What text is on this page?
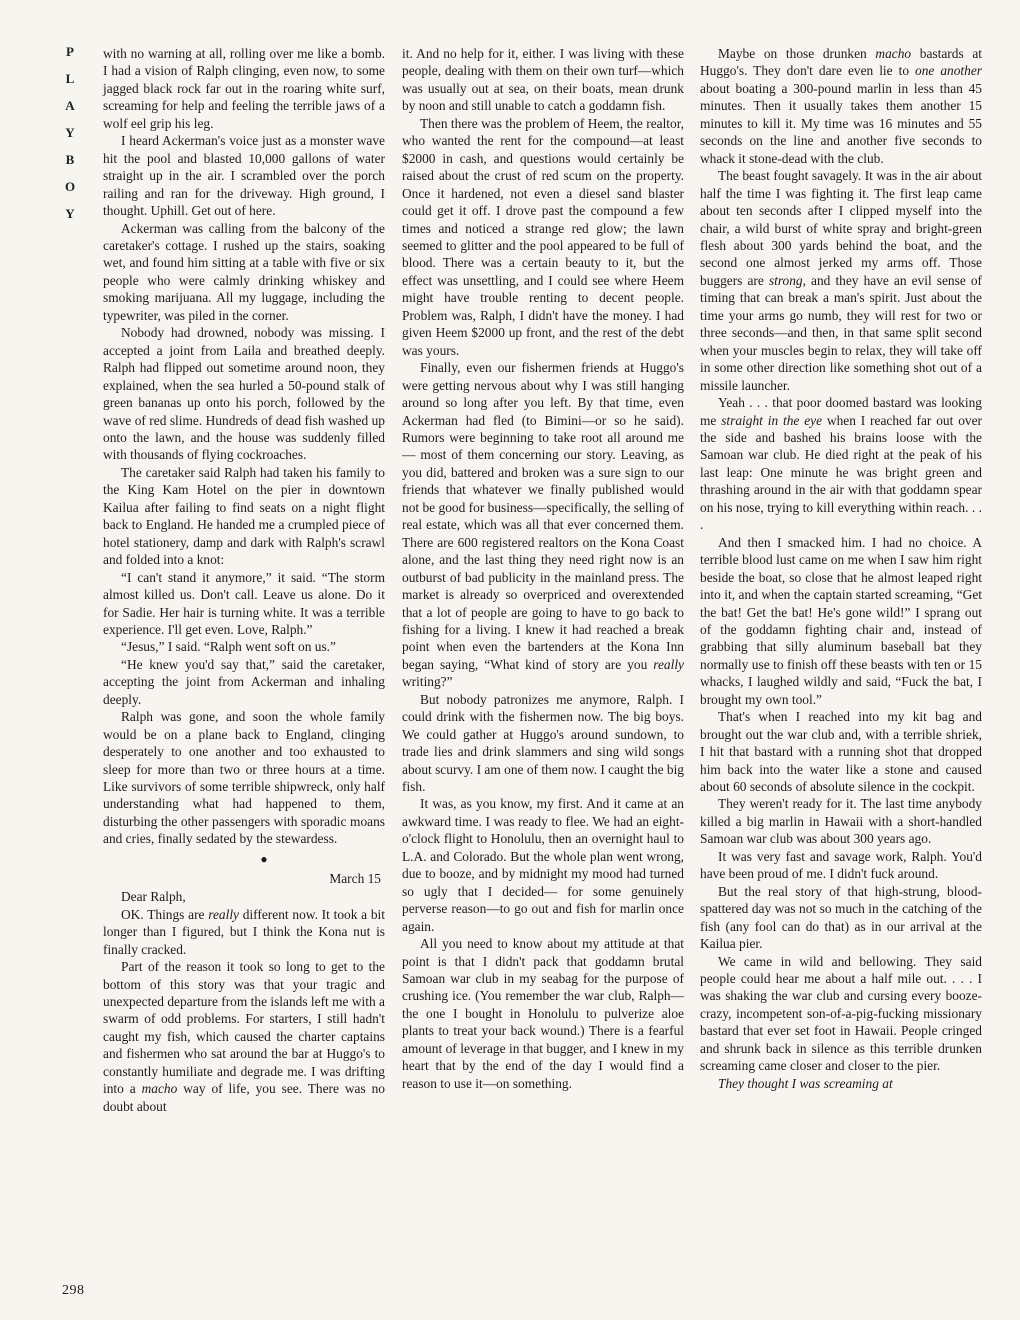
P
L
A
Y
B
O
Y
298

with no warning at all, rolling over me like a bomb. I had a vision of Ralph clinging, even now, to some jagged black rock far out in the roaring white surf, screaming for help and feeling the terrible jaws of a wolf eel grip his leg.

I heard Ackerman's voice just as a monster wave hit the pool and blasted 10,000 gallons of water straight up in the air. I scrambled over the porch railing and ran for the driveway. High ground, I thought. Uphill. Get out of here.

Ackerman was calling from the balcony of the caretaker's cottage. I rushed up the stairs, soaking wet, and found him sitting at a table with five or six people who were calmly drinking whiskey and smoking marijuana. All my luggage, including the typewriter, was piled in the corner.

Nobody had drowned, nobody was missing. I accepted a joint from Laila and breathed deeply. Ralph had flipped out sometime around noon, they explained, when the sea hurled a 50-pound stalk of green bananas up onto his porch, followed by the wave of red slime. Hundreds of dead fish washed up onto the lawn, and the house was suddenly filled with thousands of flying cockroaches.

The caretaker said Ralph had taken his family to the King Kam Hotel on the pier in downtown Kailua after failing to find seats on a night flight back to England. He handed me a crumpled piece of hotel stationery, damp and dark with Ralph's scrawl and folded into a knot:

“I can't stand it anymore,” it said. “The storm almost killed us. Don't call. Leave us alone. Do it for Sadie. Her hair is turning white. It was a terrible experience. I'll get even. Love, Ralph.”

“Jesus,” I said. “Ralph went soft on us.”

“He knew you'd say that,” said the caretaker, accepting the joint from Ackerman and inhaling deeply.

Ralph was gone, and soon the whole family would be on a plane back to England, clinging desperately to one another and too exhausted to sleep for more than two or three hours at a time. Like survivors of some terrible shipwreck, only half understanding what had happened to them, disturbing the other passengers with sporadic moans and cries, finally sedated by the stewardess.

●

March 15

Dear Ralph,

OK. Things are really different now. It took a bit longer than I figured, but I think the Kona nut is finally cracked.

Part of the reason it took so long to get to the bottom of this story was that your tragic and unexpected departure from the islands left me with a swarm of odd problems. For starters, I still hadn't caught my fish, which caused the charter captains and fishermen who sat around the bar at Huggo's to constantly humiliate and degrade me. I was drifting into a macho way of life, you see. There was no doubt about

it. And no help for it, either. I was living with these people, dealing with them on their own turf—which was usually out at sea, on their boats, mean drunk by noon and still unable to catch a goddamn fish.

Then there was the problem of Heem, the realtor, who wanted the rent for the compound—at least $2000 in cash, and questions would certainly be raised about the crust of red scum on the property. Once it hardened, not even a diesel sand blaster could get it off. I drove past the compound a few times and noticed a strange red glow; the lawn seemed to glitter and the pool appeared to be full of blood. There was a certain beauty to it, but the effect was unsettling, and I could see where Heem might have trouble renting to decent people. Problem was, Ralph, I didn't have the money. I had given Heem $2000 up front, and the rest of the debt was yours.

Finally, even our fishermen friends at Huggo's were getting nervous about why I was still hanging around so long after you left. By that time, even Ackerman had fled (to Bimini—or so he said). Rumors were beginning to take root all around me— most of them concerning our story. Leaving, as you did, battered and broken was a sure sign to our friends that whatever we finally published would not be good for business—specifically, the selling of real estate, which was all that ever concerned them. There are 600 registered realtors on the Kona Coast alone, and the last thing they need right now is an outburst of bad publicity in the mainland press. The market is already so overpriced and overextended that a lot of people are going to have to go back to fishing for a living. I knew it had reached a break point when even the bartenders at the Kona Inn began saying, “What kind of story are you really writing?”

But nobody patronizes me anymore, Ralph. I could drink with the fishermen now. The big boys. We could gather at Huggo's around sundown, to trade lies and drink slammers and sing wild songs about scurvy. I am one of them now. I caught the big fish.

It was, as you know, my first. And it came at an awkward time. I was ready to flee. We had an eight-o'clock flight to Honolulu, then an overnight haul to L.A. and Colorado. But the whole plan went wrong, due to booze, and by midnight my mood had turned so ugly that I decided— for some genuinely perverse reason—to go out and fish for marlin once again.

All you need to know about my attitude at that point is that I didn't pack that goddamn brutal Samoan war club in my seabag for the purpose of crushing ice. (You remember the war club, Ralph—the one I bought in Honolulu to pulverize aloe plants to treat your back wound.) There is a fearful amount of leverage in that bugger, and I knew in my heart that by the end of the day I would find a reason to use it—on something.

Maybe on those drunken macho bastards at Huggo's. They don't dare even lie to one another about boating a 300-pound marlin in less than 45 minutes. Then it usually takes them another 15 minutes to kill it. My time was 16 minutes and 55 seconds on the line and another five seconds to whack it stone-dead with the club.

The beast fought savagely. It was in the air about half the time I was fighting it. The first leap came about ten seconds after I clipped myself into the chair, a wild burst of white spray and bright-green flesh about 300 yards behind the boat, and the second one almost jerked my arms off. Those buggers are strong, and they have an evil sense of timing that can break a man's spirit. Just about the time your arms go numb, they will rest for two or three seconds—and then, in that same split second when your muscles begin to relax, they will take off in some other direction like something shot out of a missile launcher.

Yeah . . . that poor doomed bastard was looking me straight in the eye when I reached far out over the side and bashed his brains loose with the Samoan war club. He died right at the peak of his last leap: One minute he was bright green and thrashing around in the air with that goddamn spear on his nose, trying to kill everything within reach. . . .

And then I smacked him. I had no choice. A terrible blood lust came on me when I saw him right beside the boat, so close that he almost leaped right into it, and when the captain started screaming, “Get the bat! Get the bat! He's gone wild!” I sprang out of the goddamn fighting chair and, instead of grabbing that silly aluminum baseball bat they normally use to finish off these beasts with ten or 15 whacks, I laughed wildly and said, “Fuck the bat, I brought my own tool.”

That's when I reached into my kit bag and brought out the war club and, with a terrible shriek, I hit that bastard with a running shot that dropped him back into the water like a stone and caused about 60 seconds of absolute silence in the cockpit.

They weren't ready for it. The last time anybody killed a big marlin in Hawaii with a short-handled Samoan war club was about 300 years ago.

It was very fast and savage work, Ralph. You'd have been proud of me. I didn't fuck around.

But the real story of that high-strung, blood-spattered day was not so much in the catching of the fish (any fool can do that) as in our arrival at the Kailua pier.

We came in wild and bellowing. They said people could hear me about a half mile out. . . . I was shaking the war club and cursing every booze-crazy, incompetent son-of-a-pig-fucking missionary bastard that ever set foot in Hawaii. People cringed and shrunk back in silence as this terrible drunken screaming came closer and closer to the pier.

They thought I was screaming at
